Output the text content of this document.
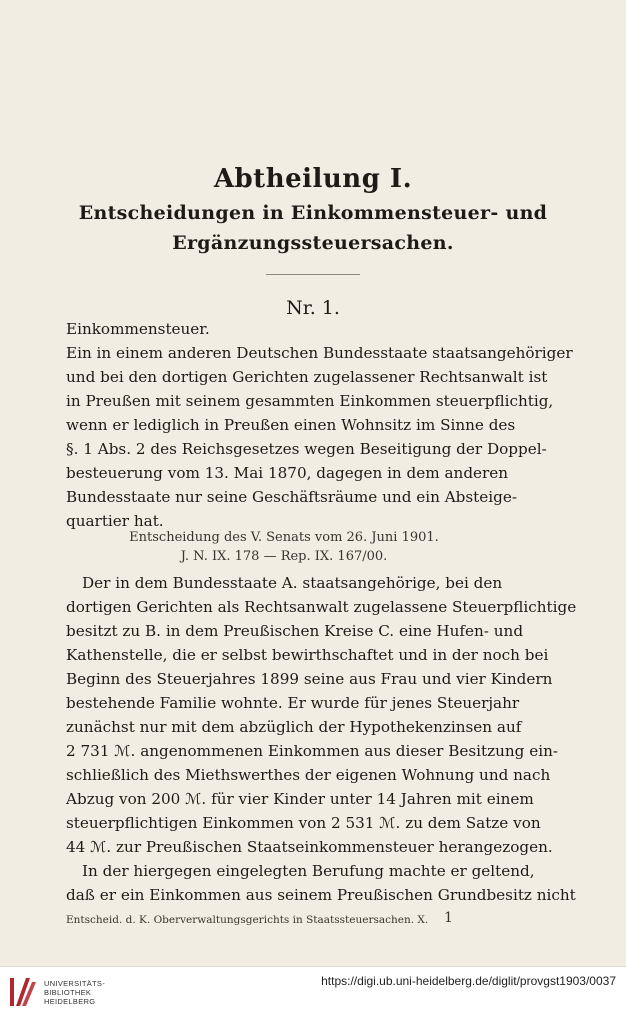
Abtheilung I.
Entscheidungen in Einkommensteuer- und
Ergänzungssteuersachen.
Nr. 1.
Einkommensteuer.
Ein in einem anderen Deutschen Bundesstaate staatsangehöriger
und bei den dortigen Gerichten zugelassener Rechtsanwalt ist
in Preußen mit seinem gesammten Einkommen steuerpflichtig,
wenn er lediglich in Preußen einen Wohnsitz im Sinne des
§. 1 Abs. 2 des Reichsgesetzes wegen Beseitigung der Doppel-
besteuerung vom 13. Mai 1870, dagegen in dem anderen
Bundesstaate nur seine Geschäftsräume und ein Absteige-
quartier hat.
Entscheidung des V. Senats vom 26. Juni 1901.
J. N. IX. 178 — Rep. IX. 167/00.
Der in dem Bundesstaate A. staatsangehörige, bei den
dortigen Gerichten als Rechtsanwalt zugelassene Steuerpflichtige
besitzt zu B. in dem Preußischen Kreise C. eine Hufen- und
Kathenstelle, die er selbst bewirthschaftet und in der noch bei
Beginn des Steuerjahres 1899 seine aus Frau und vier Kindern
bestehende Familie wohnte. Er wurde für jenes Steuerjahr
zunächst nur mit dem abzüglich der Hypothekenzinsen auf
2 731 ℳ. angenommenen Einkommen aus dieser Besitzung ein-
schließlich des Miethswerthes der eigenen Wohnung und nach
Abzug von 200 ℳ. für vier Kinder unter 14 Jahren mit einem
steuerpflichtigen Einkommen von 2 531 ℳ. zu dem Satze von
44 ℳ. zur Preußischen Staatseinkommensteuer herangezogen.
In der hiergegen eingelegten Berufung machte er geltend,
daß er ein Einkommen aus seinem Preußischen Grundbesitz nicht
Entscheid. d. K. Oberverwaltungsgerichts in Staatssteuersachen. X. 1
UNIVERSITÄTS-
BIBLIOTHEK
HEIDELBERG
https://digi.ub.uni-heidelberg.de/diglit/provgst1903/0037
